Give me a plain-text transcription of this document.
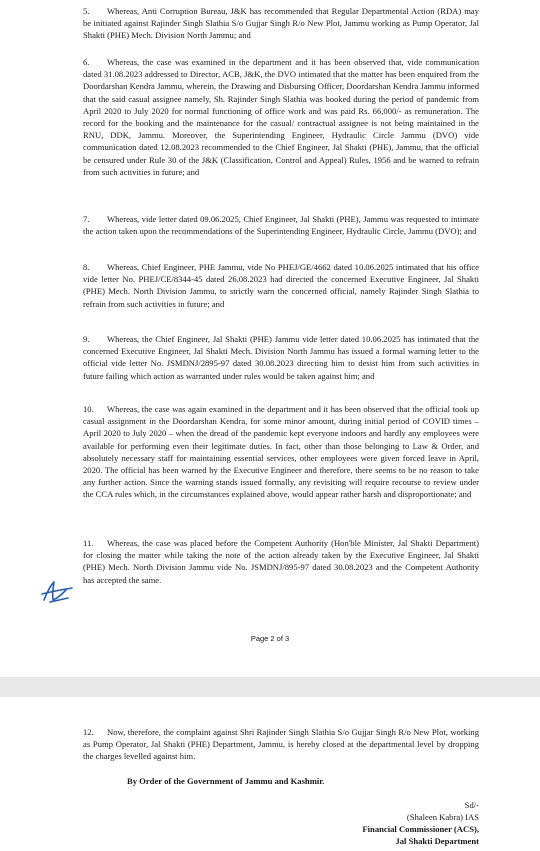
5. Whereas, Anti Corruption Bureau, J&K has recommended that Regular Departmental Action (RDA) may be initiated against Rajinder Singh Slathia S/o Gujjar Singh R/o New Plot, Jammu working as Pump Operator, Jal Shakti (PHE) Mech. Division North Jammu; and

6. Whereas, the case was examined in the department and it has been observed that, vide communication dated 31.08.2023 addressed to Director, ACB, J&K, the DVO intimated that the matter has been enquired from the Doordarshan Kendra Jammu, wherein, the Drawing and Disbursing Officer, Doordarshan Kendra Jammu informed that the said casual assignee namely, Sh. Rajinder Singh Slathia was booked during the period of pandemic from April 2020 to July 2020 for normal functioning of office work and was paid Rs. 66,000/- as remuneration. The record for the booking and the maintenance for the casual/ contractual assignee is not being maintained in the RNU, DDK, Jammu. Moreover, the Superintending Engineer, Hydraulic Circle Jammu (DVO) vide communication dated 12.08.2023 recommended to the Chief Engineer, Jal Shakti (PHE), Jammu, that the official be censured under Rule 30 of the J&K (Classification, Control and Appeal) Rules, 1956 and be warned to refrain from such activities in future; and

7. Whereas, vide letter dated 09.06.2025, Chief Engineer, Jal Shakti (PHE), Jammu was requested to intimate the action taken upon the recommendations of the Superintending Engineer, Hydraulic Circle, Jammu (DVO); and

8. Whereas, Chief Engineer, PHE Jammu, vide No PHEJ/GE/4662 dated 10.06.2025 intimated that his office vide letter No. PHEJ/CE/8344-45 dated 26.08.2023 had directed the concerned Executive Engineer, Jal Shakti (PHE) Mech. North Division Jammu, to strictly warn the concerned official, namely Rajinder Singh Slathia to refrain from such activities in future; and

9. Whereas, the Chief Engineer, Jal Shakti (PHE) Jammu vide letter dated 10.06.2025 has intimated that the concerned Executive Engineer, Jal Shakti Mech. Division North Jammu has issued a formal warning letter to the official vide letter No. JSMDNJ/2895-97 dated 30.08.2023 directing him to desist him from such activities in future failing which action as warranted under rules would be taken against him; and

10. Whereas, the case was again examined in the department and it has been observed that the official took up casual assignment in the Doordarshan Kendra, for some minor amount, during initial period of COVID times – April 2020 to July 2020 – when the dread of the pandemic kept everyone indoors and hardly any employees were available for performing even their legitimate duties. In fact, other than those belonging to Law & Order, and absolutely necessary staff for maintaining essential services, other employees were given forced leave in April, 2020. The official has been warned by the Executive Engineer and therefore, there seems to be no reason to take any further action. Since the warning stands issued formally, any revisiting will require recourse to review under the CCA rules which, in the circumstances explained above, would appear rather harsh and disproportionate; and

11. Whereas, the case was placed before the Competent Authority (Hon'ble Minister, Jal Shakti Department) for closing the matter while taking the note of the action already taken by the Executive Engineer, Jal Shakti (PHE) Mech. North Division Jammu vide No. JSMDNJ/895-97 dated 30.08.2023 and the Competent Authority has accepted the same.

Page 2 of 3

12. Now, therefore, the complaint against Shri Rajinder Singh Slathia S/o Gujjar Singh R/o New Plot, working as Pump Operator, Jal Shakti (PHE) Department, Jammu, is hereby closed at the departmental level by dropping the charges levelled against him.

By Order of the Government of Jammu and Kashmir.
Sd/-
(Shaleen Kabra) IAS
Financial Commissioner (ACS),
Jal Shakti Department
